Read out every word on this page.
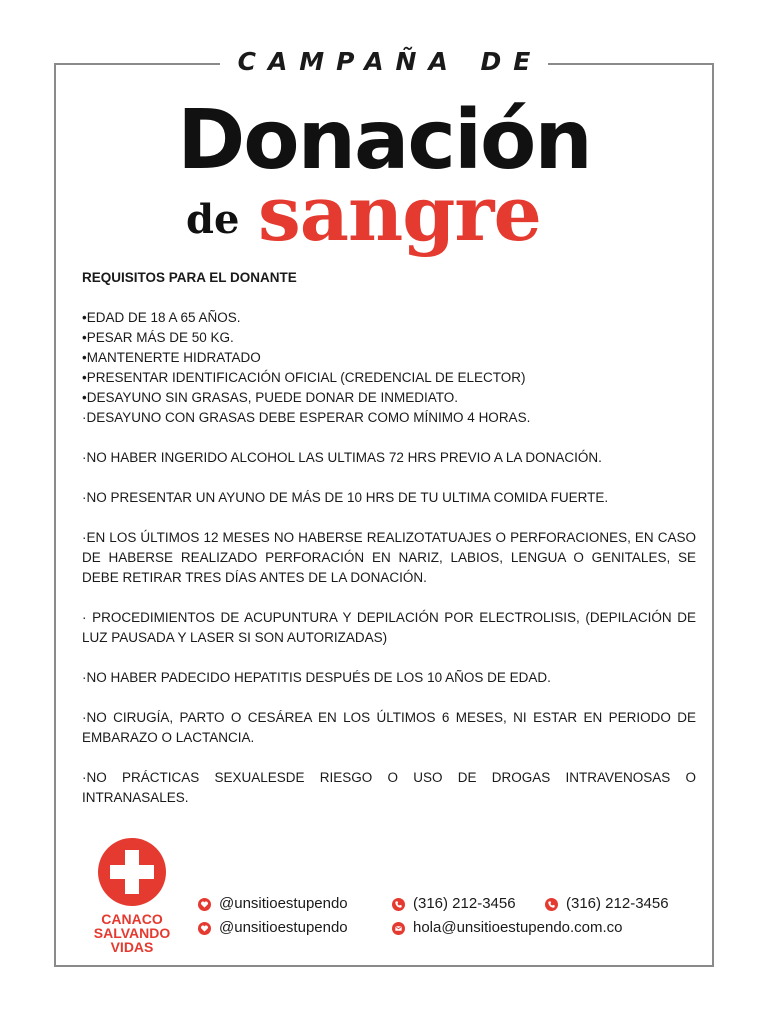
CAMPAÑA DE
Donación
de sangre
REQUISITOS PARA EL DONANTE
•EDAD DE 18 A 65 AÑOS.
•PESAR MÁS DE 50 KG.
•MANTENERTE HIDRATADO
•PRESENTAR IDENTIFICACIÓN OFICIAL (CREDENCIAL DE ELECTOR)
•DESAYUNO SIN GRASAS, PUEDE DONAR DE INMEDIATO.
·DESAYUNO CON GRASAS DEBE ESPERAR COMO MÍNIMO 4 HORAS.
·NO HABER INGERIDO ALCOHOL LAS ULTIMAS 72 HRS PREVIO A LA DONACIÓN.
·NO PRESENTAR UN AYUNO DE MÁS DE 10 HRS DE TU ULTIMA COMIDA FUERTE.
·EN LOS ÚLTIMOS 12 MESES NO HABERSE REALIZOTATUAJES O PERFORACIONES, EN CASO DE HABERSE REALIZADO PERFORACIÓN EN NARIZ, LABIOS, LENGUA O GENITALES, SE DEBE RETIRAR TRES DÍAS ANTES DE LA DONACIÓN.
· PROCEDIMIENTOS DE ACUPUNTURA Y DEPILACIÓN POR ELECTROLISIS, (DEPILACIÓN DE LUZ PAUSADA Y LASER SI SON AUTORIZADAS)
·NO HABER PADECIDO HEPATITIS DESPUÉS DE LOS 10 AÑOS DE EDAD.
·NO CIRUGÍA, PARTO O CESÁREA EN LOS ÚLTIMOS 6 MESES, NI ESTAR EN PERIODO DE EMBARAZO O LACTANCIA.
·NO PRÁCTICAS SEXUALESDE RIESGO O USO DE DROGAS INTRAVENOSAS O INTRANASALES.
CANACO
SALVANDO
VIDAS
@unsitioestupendo
@unsitioestupendo
(316) 212-3456	(316) 212-3456
hola@unsitioestupendo.com.co
